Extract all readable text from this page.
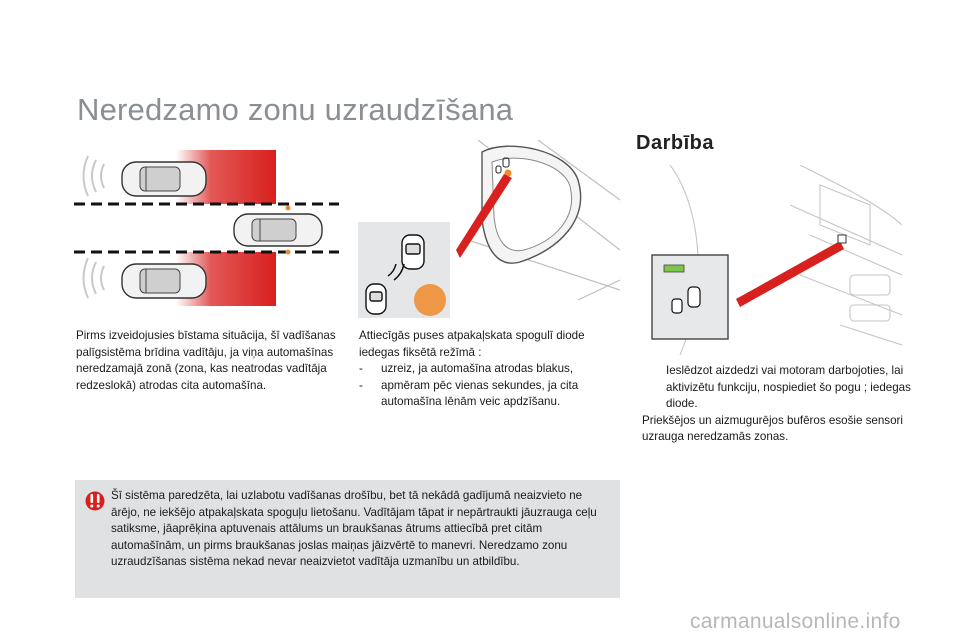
Neredzamo zonu uzraudzīšana
Darbība
Pirms izveidojusies bīstama situācija, šī vadīšanas palīgsistēma brīdina vadītāju, ja viņa automašīnas neredzamajā zonā (zona, kas neatrodas vadītāja redzeslokā) atrodas cita automašīna.
Attiecīgās puses atpakaļskata spogulī diode iedegas fiksētā režīmā :
-	uzreiz, ja automašīna atrodas blakus,
-	apmēram pēc vienas sekundes, ja cita automašīna lēnām veic apdzīšanu.
Ieslēdzot aizdedzi vai motoram darbojoties, lai aktivizētu funkciju, nospiediet šo pogu ; iedegas diode.
Priekšējos un aizmugurējos bufēros esošie sensori uzrauga neredzamās zonas.

Šī sistēma paredzēta, lai uzlabotu vadīšanas drošību, bet tā nekādā gadījumā neaizvieto ne ārējo, ne iekšējo atpakaļskata spoguļu lietošanu. Vadītājam tāpat ir nepārtraukti jāuzrauga ceļu satiksme, jāaprēķina aptuvenais attālums un braukšanas ātrums attiecībā pret citām automašīnām, un pirms braukšanas joslas maiņas jāizvērtē to manevri. Neredzamo zonu uzraudzīšanas sistēma nekad nevar neaizvietot vadītāja uzmanību un atbildību.

carmanualsonline.info
